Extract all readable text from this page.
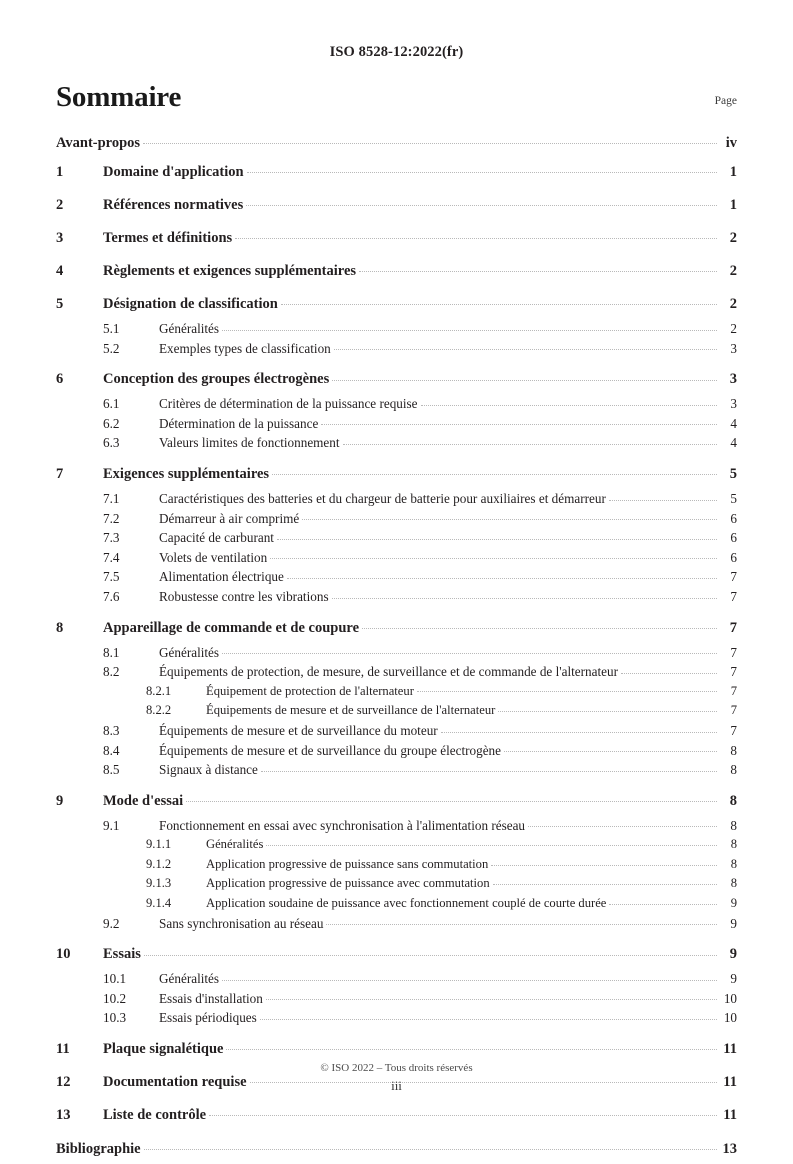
ISO 8528-12:2022(fr)
Sommaire	Page
Avant-propos	iv
1	Domaine d'application	1
2	Références normatives	1
3	Termes et définitions	2
4	Règlements et exigences supplémentaires	2
5	Désignation de classification	2
5.1	Généralités	2
5.2	Exemples types de classification	3
6	Conception des groupes électrogènes	3
6.1	Critères de détermination de la puissance requise	3
6.2	Détermination de la puissance	4
6.3	Valeurs limites de fonctionnement	4
7	Exigences supplémentaires	5
7.1	Caractéristiques des batteries et du chargeur de batterie pour auxiliaires et démarreur	5
7.2	Démarreur à air comprimé	6
7.3	Capacité de carburant	6
7.4	Volets de ventilation	6
7.5	Alimentation électrique	7
7.6	Robustesse contre les vibrations	7
8	Appareillage de commande et de coupure	7
8.1	Généralités	7
8.2	Équipements de protection, de mesure, de surveillance et de commande de l'alternateur	7
8.2.1	Équipement de protection de l'alternateur	7
8.2.2	Équipements de mesure et de surveillance de l'alternateur	7
8.3	Équipements de mesure et de surveillance du moteur	7
8.4	Équipements de mesure et de surveillance du groupe électrogène	8
8.5	Signaux à distance	8
9	Mode d'essai	8
9.1	Fonctionnement en essai avec synchronisation à l'alimentation réseau	8
9.1.1	Généralités	8
9.1.2	Application progressive de puissance sans commutation	8
9.1.3	Application progressive de puissance avec commutation	8
9.1.4	Application soudaine de puissance avec fonctionnement couplé de courte durée	9
9.2	Sans synchronisation au réseau	9
10	Essais	9
10.1	Généralités	9
10.2	Essais d'installation	10
10.3	Essais périodiques	10
11	Plaque signalétique	11
12	Documentation requise	11
13	Liste de contrôle	11
Bibliographie	13
© ISO 2022 – Tous droits réservés
iii
